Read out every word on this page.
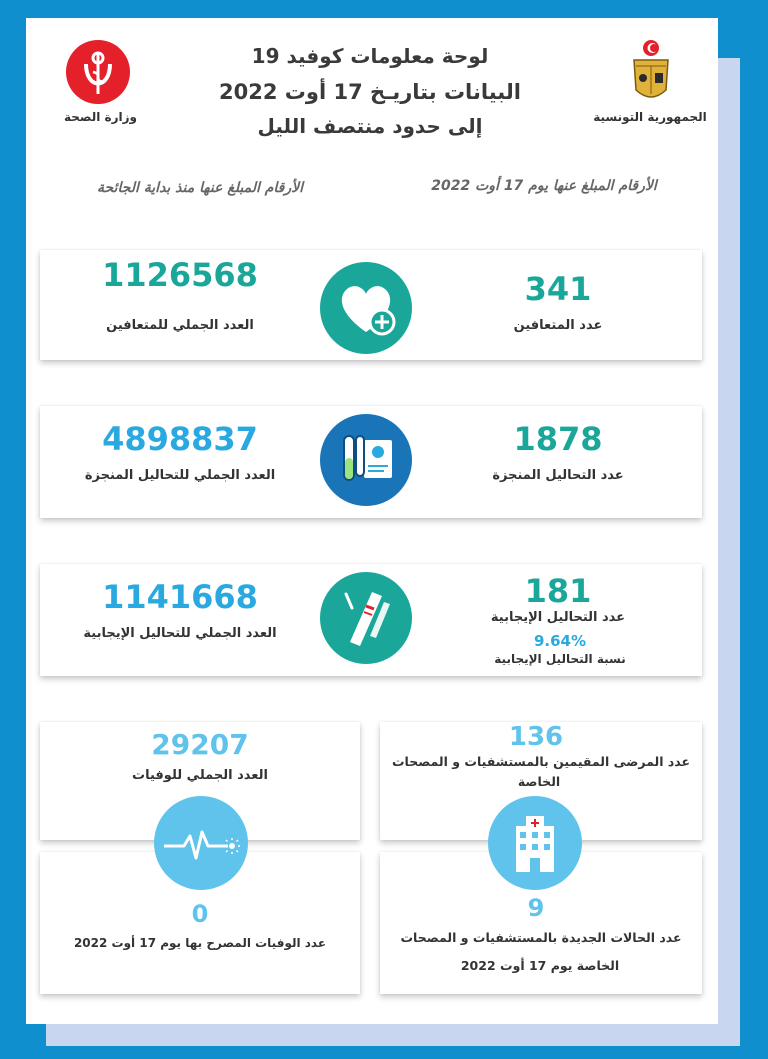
لوحة معلومات كوفيد 19
البيانات بتاريـخ 17 أوت 2022
إلى حدود منتصف الليل
وزارة الصحة	الجمهورية التونسية
الأرقام المبلغ عنها منذ بداية الجائحة	الأرقام المبلغ عنها يوم 17 أوت 2022
1126568
العدد الجملي للمتعافين
341
عدد المتعافين
4898837
العدد الجملي للتحاليل المنجزة
1878
عدد التحاليل المنجزة
1141668
العدد الجملي للتحاليل الإيجابية
181
عدد التحاليل الإيجابية
9.64%
نسبة التحاليل الإيجابية
29207
العدد الجملي للوفيات
0
عدد الوفيات المصرح بها يوم 17 أوت 2022
136
عدد المرضى المقيمين بالمستشفيات و المصحات
الخاصة
9
عدد الحالات الجديدة بالمستشفيات و المصحات
الخاصة يوم 17 أوت 2022
